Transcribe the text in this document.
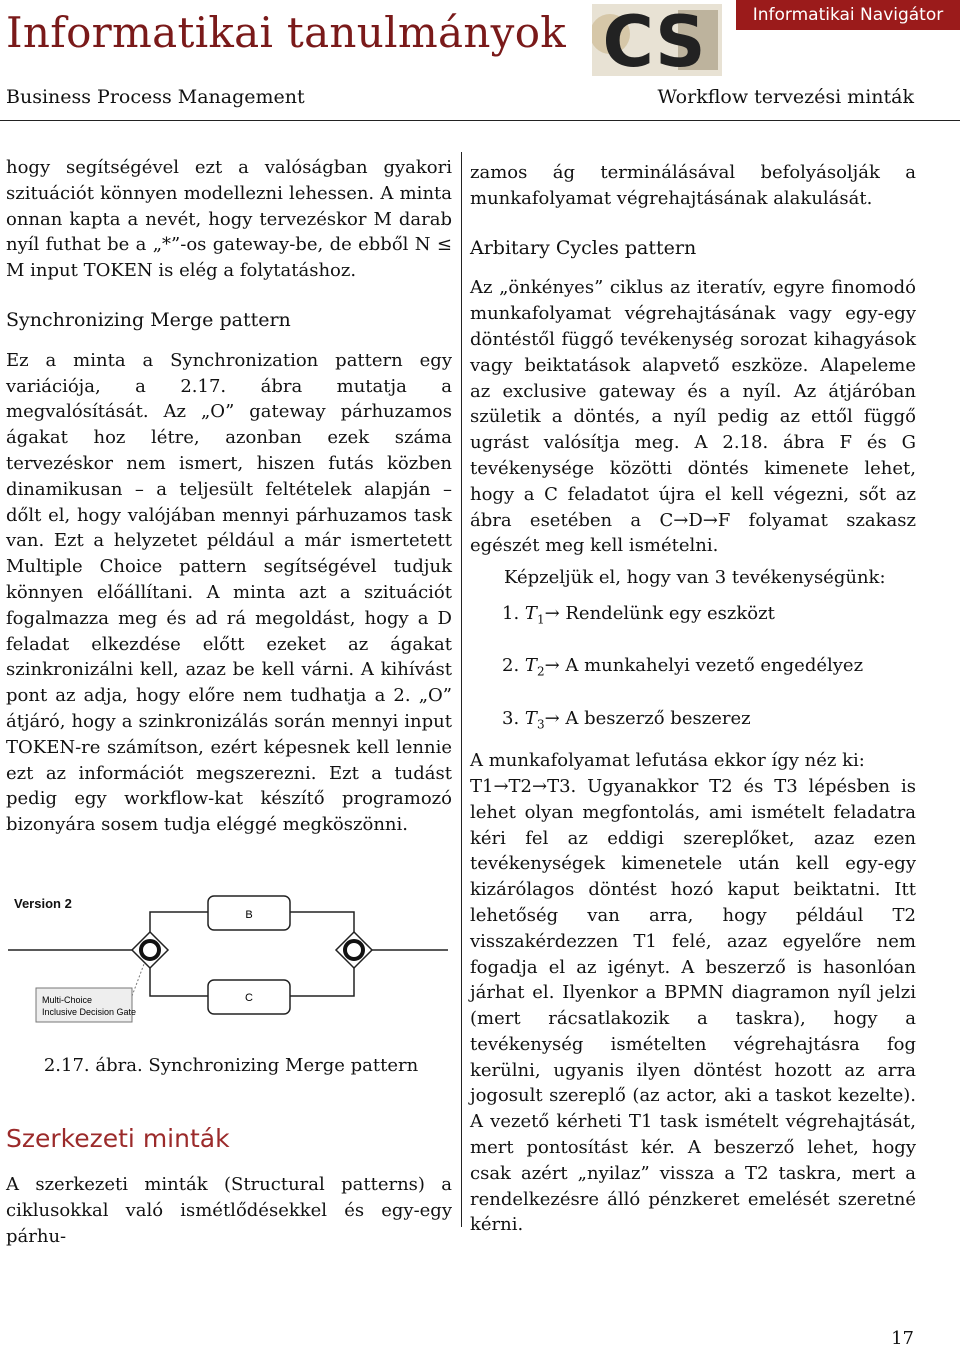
Informatikai tanulmányok CS	Informatikai Navigátor
Business Process Management	Workflow tervezési minták

hogy segítségével ezt a valóságban gyakori szituációt könnyen modellezni lehessen. A minta onnan kapta a nevét, hogy tervezéskor M darab nyíl futhat be a „*”-os gateway-be, de ebből N ≤ M input TOKEN is elég a folytatáshoz.

Synchronizing Merge pattern

Ez a minta a Synchronization pattern egy variációja, a 2.17. ábra mutatja a megvalósítását. Az „O” gateway párhuzamos ágakat hoz létre, azonban ezek száma tervezéskor nem ismert, hiszen futás közben dinamikusan – a teljesült feltételek alapján – dőlt el, hogy valójában mennyi párhuzamos task van. Ezt a helyzetet például a már ismertetett Multiple Choice pattern segítségével tudjuk könnyen előállítani. A minta azt a szituációt fogalmazza meg és ad rá megoldást, hogy a D feladat elkezdése előtt ezeket az ágakat szinkronizálni kell, azaz be kell várni. A kihívást pont az adja, hogy előre nem tudhatja a 2. „O” átjáró, hogy a szinkronizálás során mennyi input TOKEN-re számítson, ezért képesnek kell lennie ezt az információt megszerezni. Ezt a tudást pedig egy workflow-kat készítő programozó bizonyára sosem tudja eléggé megköszönni.

Version 2
B
C
Multi-Choice
Inclusive Decision Gate
2.17. ábra. Synchronizing Merge pattern
Szerkezeti minták

A szerkezeti minták (Structural patterns) a ciklusokkal való ismétlődésekkel és egy-egy párhu-

zamos ág terminálásával befolyásolják a munkafolyamat végrehajtásának alakulását.

Arbitary Cycles pattern

Az „önkényes” ciklus az iteratív, egyre finomodó munkafolyamat végrehajtásának vagy egy-egy döntéstől függő tevékenység sorozat kihagyások vagy beiktatások alapvető eszköze. Alapeleme az exclusive gateway és a nyíl. Az átjáróban születik a döntés, a nyíl pedig az ettől függő ugrást valósítja meg. A 2.18. ábra F és G tevékenysége közötti döntés kimenete lehet, hogy a C feladatot újra el kell végezni, sőt az ábra esetében a C→D→F folyamat szakasz egészét meg kell ismételni.

Képzeljük el, hogy van 3 tevékenységünk:

1. $T_1\to$ Rendelünk egy eszközt
2. $T_2\to A$ munkahelyi vezető engedélyez
3. $T_3\to A$ beszerző beszerez

A munkafolyamat lefutása ekkor így néz ki:

T1→T2→T3. Ugyanakkor T2 és T3 lépésben is lehet olyan megfontolás, ami ismételt feladatra kéri fel az eddigi szereplőket, azaz ezen tevékenységek kimenetele után kell egy-egy kizárólagos döntést hozó kaput beiktatni. Itt lehetőség van arra, hogy például T2 visszakérdezzen T1 felé, azaz egyelőre nem fogadja el az igényt. A beszerző is hasonlóan járhat el. Ilyenkor a BPMN diagramon nyíl jelzi (mert rácsatlakozik a taskra), hogy a tevékenység ismételten végrehajtásra fog kerülni, ugyanis ilyen döntést hozott az arra jogosult szereplő (az actor, aki a taskot kezelte). A vezető kérheti T1 task ismételt végrehajtását, mert pontosítást kér. A beszerző lehet, hogy csak azért „nyilaz” vissza a T2 taskra, mert a rendelkezésre álló pénzkeret emelését szeretné kérni.

17
